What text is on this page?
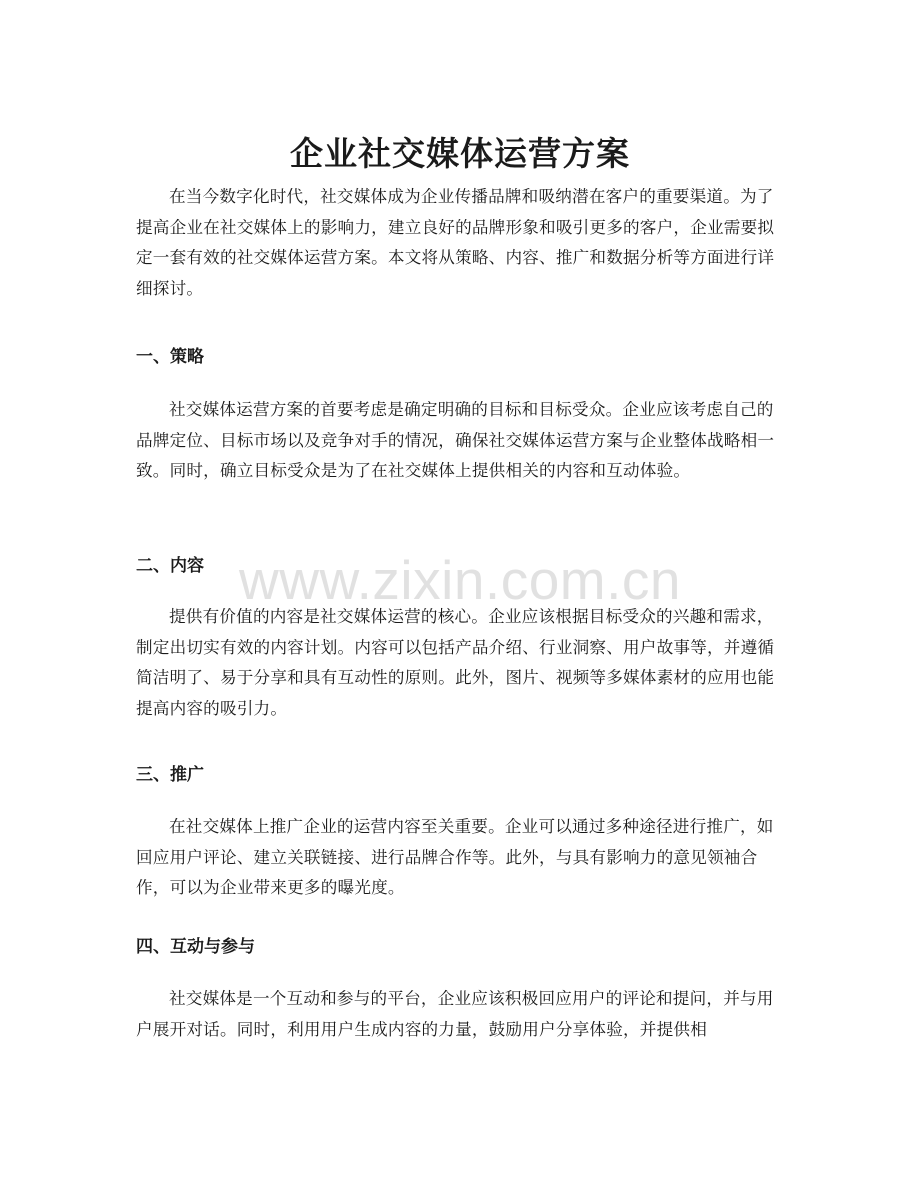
企业社交媒体运营方案

在当今数字化时代，社交媒体成为企业传播品牌和吸纳潜在客户的重要渠道。为了提高企业在社交媒体上的影响力，建立良好的品牌形象和吸引更多的客户，企业需要拟定一套有效的社交媒体运营方案。本文将从策略、内容、推广和数据分析等方面进行详细探讨。

一、策略

社交媒体运营方案的首要考虑是确定明确的目标和目标受众。企业应该考虑自己的品牌定位、目标市场以及竞争对手的情况，确保社交媒体运营方案与企业整体战略相一致。同时，确立目标受众是为了在社交媒体上提供相关的内容和互动体验。

二、内容

提供有价值的内容是社交媒体运营的核心。企业应该根据目标受众的兴趣和需求，制定出切实有效的内容计划。内容可以包括产品介绍、行业洞察、用户故事等，并遵循简洁明了、易于分享和具有互动性的原则。此外，图片、视频等多媒体素材的应用也能提高内容的吸引力。

三、推广

在社交媒体上推广企业的运营内容至关重要。企业可以通过多种途径进行推广，如回应用户评论、建立关联链接、进行品牌合作等。此外，与具有影响力的意见领袖合作，可以为企业带来更多的曝光度。

四、互动与参与

社交媒体是一个互动和参与的平台，企业应该积极回应用户的评论和提问，并与用户展开对话。同时，利用用户生成内容的力量，鼓励用户分享体验，并提供相

www.zixin.com.cn
